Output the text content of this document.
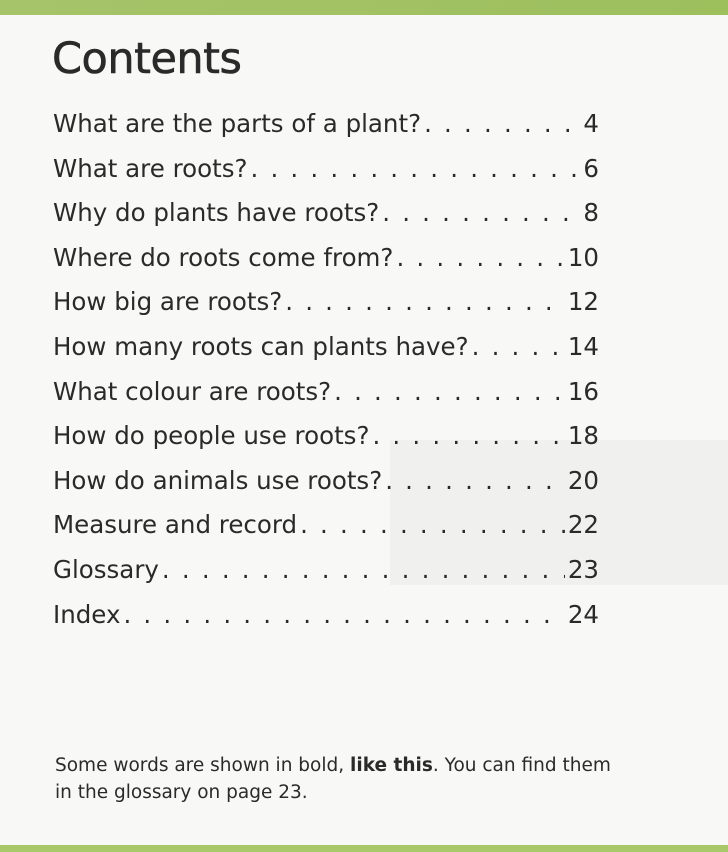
Contents
What are the parts of a plant? . . .	4
What are roots? . . .	6
Why do plants have roots? . . .	8
Where do roots come from? . . .	10
How big are roots? . . .	12
How many roots can plants have? . . .	14
What colour are roots? . . .	16
How do people use roots? . . .	18
How do animals use roots? . . .	20
Measure and record . . .	22
Glossary . . .	23
Index . . .	24

Some words are shown in bold, like this. You can find them in the glossary on page 23.
